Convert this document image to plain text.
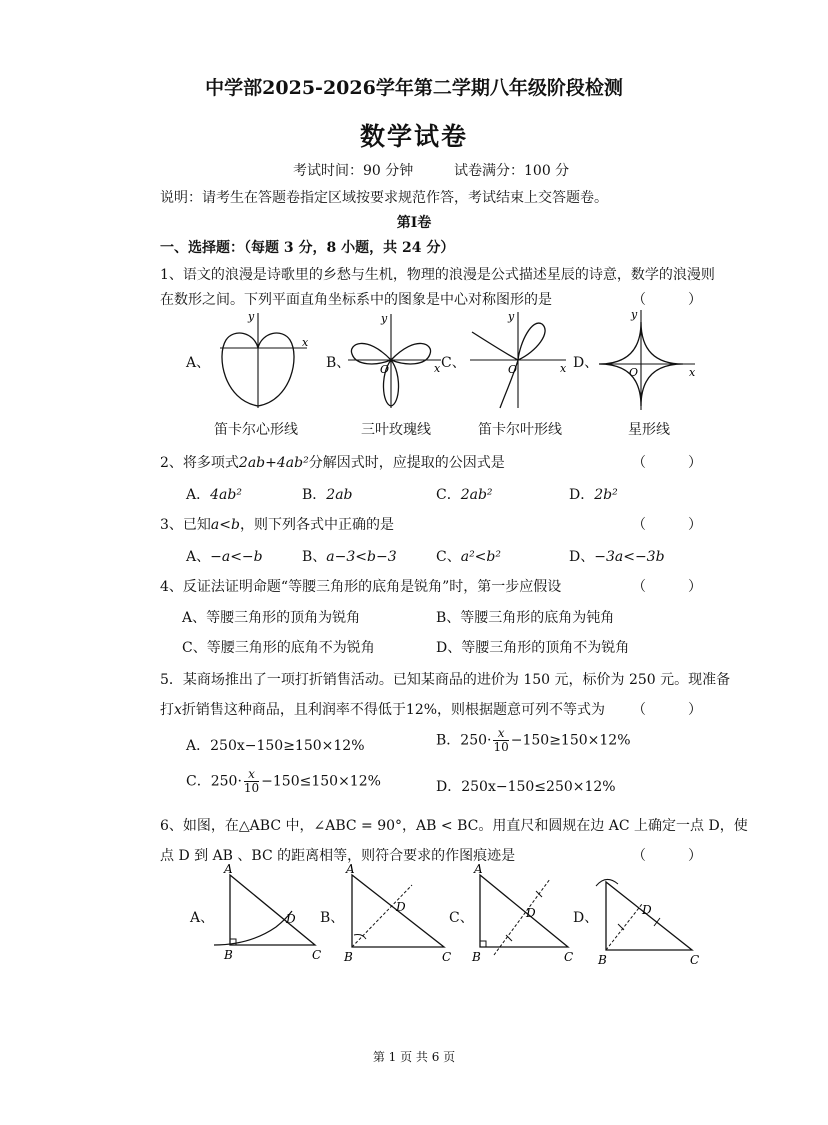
中学部2025-2026学年第二学期八年级阶段检测
数学试卷
考试时间：90 分钟	试卷满分：100 分
说明：请考生在答题卷指定区域按要求规范作答，考试结束上交答题卷。
第Ⅰ卷
一、选择题：（每题 3 分，8 小题，共 24 分）
1、语文的浪漫是诗歌里的乡愁与生机，物理的浪漫是公式描述星辰的诗意，数学的浪漫则
在数形之间。下列平面直角坐标系中的图象是中心对称图形的是	（　　　）
A、	B、	C、	D、
y
x
y
x
O
y
x
O
y
x
O
笛卡尔心形线	三叶玫瑰线	笛卡尔叶形线	星形线
2、将多项式2ab+4ab²分解因式时，应提取的公因式是	（　　　）
A．4ab²	B．2ab	C．2ab²	D．2b²
3、已知a<b，则下列各式中正确的是	（　　　）
A、−a<−b	B、a−3<b−3	C、a²<b²	D、−3a<−3b
4、反证法证明命题“等腰三角形的底角是锐角”时，第一步应假设	（　　　）
A、等腰三角形的顶角为锐角	B、等腰三角形的底角为钝角
C、等腰三角形的底角不为锐角	D、等腰三角形的顶角不为锐角
5．某商场推出了一项打折销售活动。已知某商品的进价为 150 元，标价为 250 元。现准备
打x折销售这种商品，且利润率不得低于12%，则根据题意可列不等式为 （　　　）
A．250x−150≥150×12%	B．$250\cdot \frac{x}{10} -150\ge 150\times 12\%$
C．$250\cdot \frac{x}{10} -150\le 150\times 12\%$	D．250x−150≤250×12%
6、如图，在△ABC 中，∠ABC = 90°，AB < BC。用直尺和圆规在边 AC 上确定一点 D，使
点 D 到 AB 、BC 的距离相等，则符合要求的作图痕迹是	（　　　）
A、	B、	C、	D、
A
B	C
D
A
B	C
D
A
B	C
D
B	C
D
第 1 页 共 6 页
